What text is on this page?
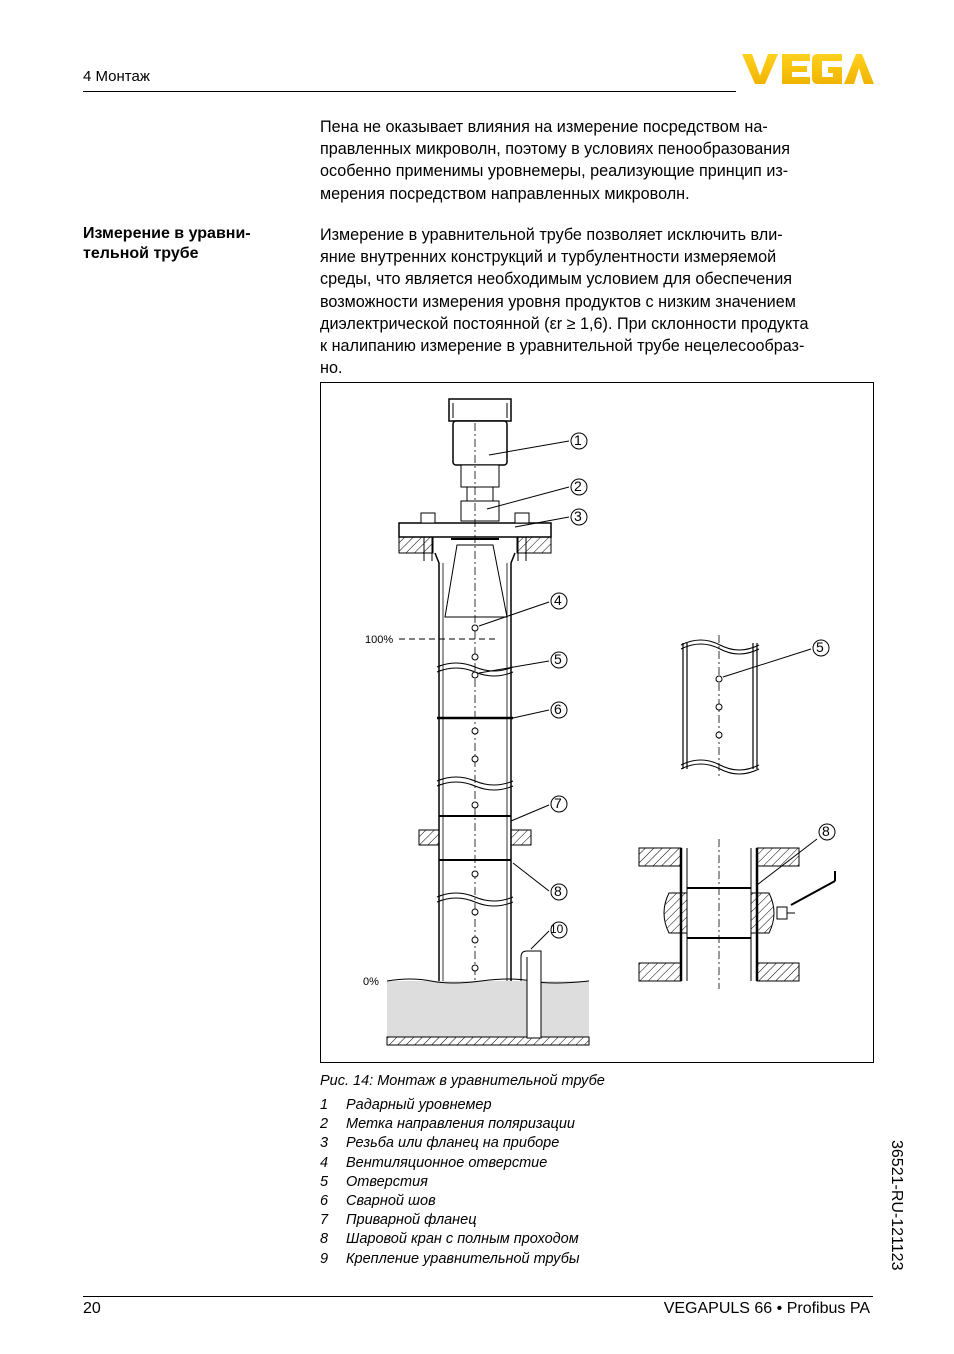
4 Монтаж
Пена не оказывает влияния на измерение посредством на-
правленных микроволн, поэтому в условиях пенообразования
особенно применимы уровнемеры, реализующие принцип из-
мерения посредством направленных микроволн.
Измерение в уравни-
тельной трубе
Измерение в уравнительной трубе позволяет исключить вли-
яние внутренних конструкций и турбулентности измеряемой
среды, что является необходимым условием для обеспечения
возможности измерения уровня продуктов с низким значением
диэлектрической постоянной (εr ≥ 1,6). При склонности продукта
к налипанию измерение в уравнительной трубе нецелесообраз-
но.
100%
0%
1
2
3
4
5
6
7
8
10
5
8
Рис. 14: Монтаж в уравнительной трубе
1 Радарный уровнемер
2 Метка направления поляризации
3 Резьба или фланец на приборе
4 Вентиляционное отверстие
5 Отверстия
6 Сварной шов
7 Приварной фланец
8 Шаровой кран с полным проходом
9 Крепление уравнительной трубы	36521-RU-121123
20	VEGAPULS 66 • Profibus PA
